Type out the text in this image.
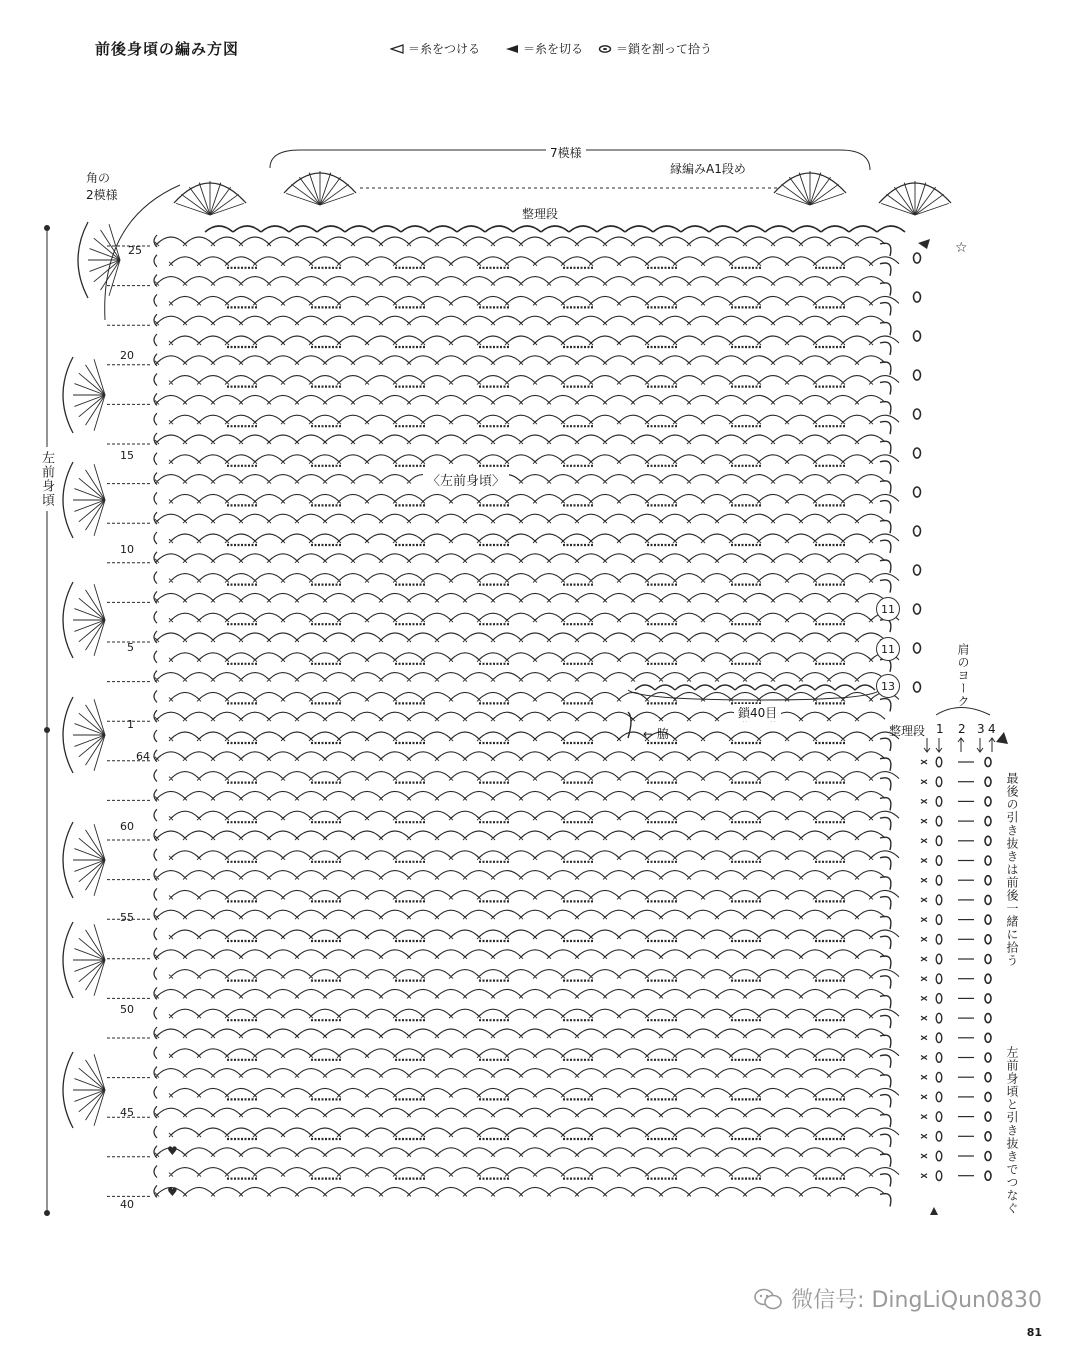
前後身頃の編み方図	＝糸をつける	＝糸を切る	＝鎖を割って拾う
♥
♥
7模様
角の
2模様
縁編みA1段め
整理段
☆
左前身頃	〈左前身頃〉
25
20
15
10
5
1
64
60
55
50
45
40
11
11
13
鎖40目
← 脇
肩のヨーク
整理段 1 2 3 4
最後の引き抜きは前後一緒に拾う
左前身頃と引き抜きでつなぐ
微信号: DingLiQun0830
81
